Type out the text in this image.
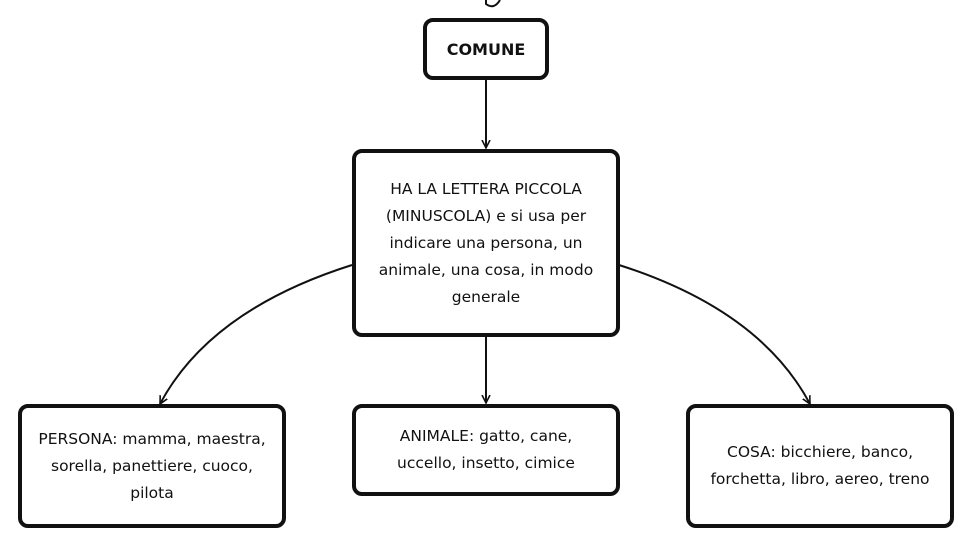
COMUNE
HA LA LETTERA PICCOLA (MINUSCOLA) e si usa per indicare una persona, un animale, una cosa, in modo generale
PERSONA: mamma, maestra, sorella, panettiere, cuoco, pilota
ANIMALE: gatto, cane, uccello, insetto, cimice
COSA: bicchiere, banco, forchetta, libro, aereo, treno
